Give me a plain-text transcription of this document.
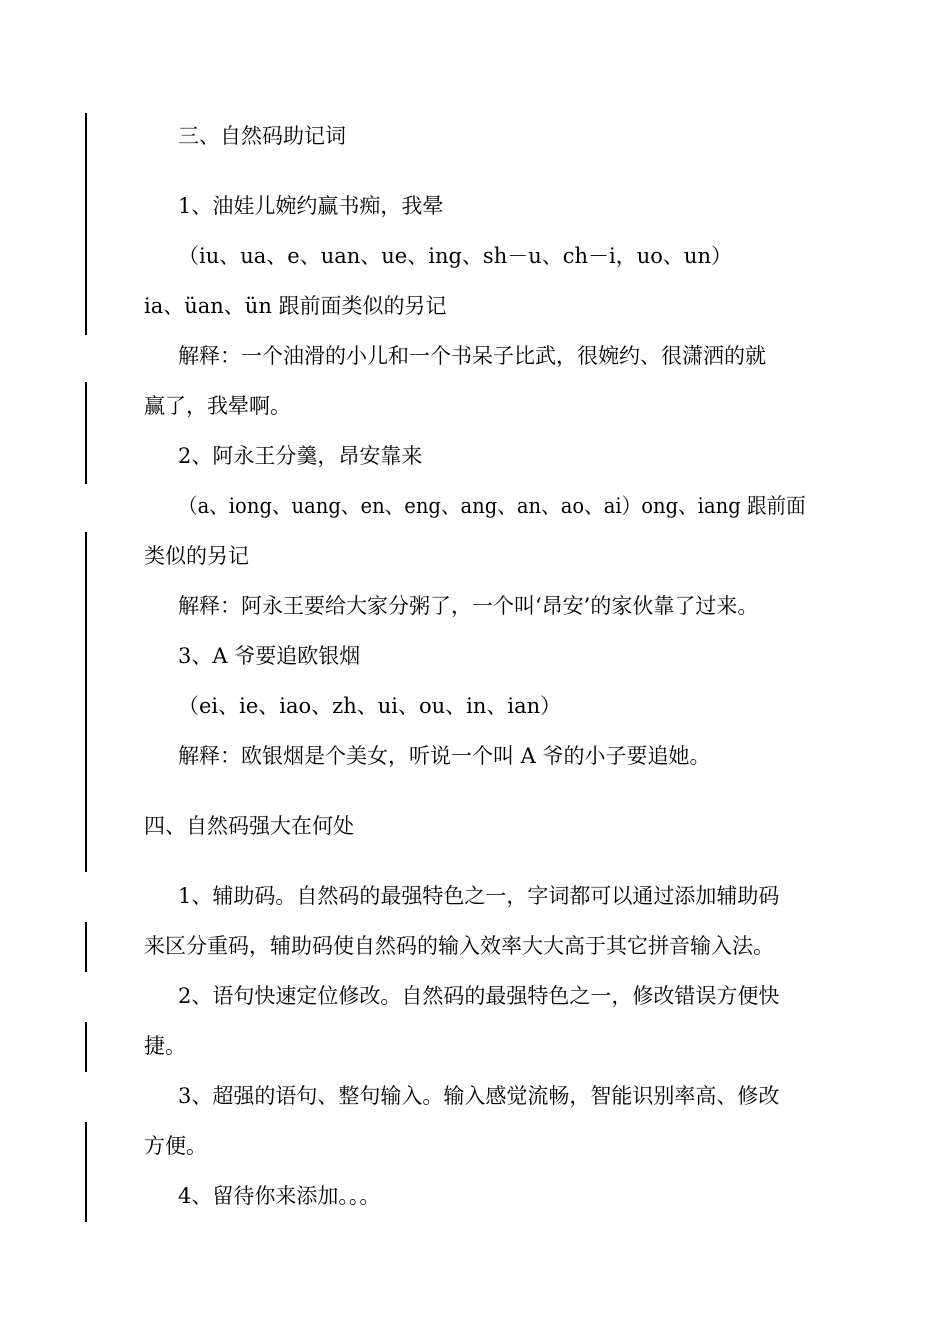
三、自然码助记词
1、油娃儿婉约赢书痴，我晕
（iu、ua、e、uan、ue、ing、sh－u、ch－i，uo、un）
ia、üan、ün 跟前面类似的另记
解释：一个油滑的小儿和一个书呆子比武，很婉约、很潇洒的就
赢了，我晕啊。
2、阿永王分羹，昂安靠来
（a、iong、uang、en、eng、ang、an、ao、ai）ong、iang 跟前面
类似的另记
解释：阿永王要给大家分粥了，一个叫‘昂安’的家伙靠了过来。
3、A 爷要追欧银烟
（ei、ie、iao、zh、ui、ou、in、ian）
解释：欧银烟是个美女，听说一个叫 A 爷的小子要追她。
四、自然码强大在何处
1、辅助码。自然码的最强特色之一，字词都可以通过添加辅助码
来区分重码，辅助码使自然码的输入效率大大高于其它拼音输入法。
2、语句快速定位修改。自然码的最强特色之一，修改错误方便快
捷。
3、超强的语句、整句输入。输入感觉流畅，智能识别率高、修改
方便。
4、留待你来添加。。。
